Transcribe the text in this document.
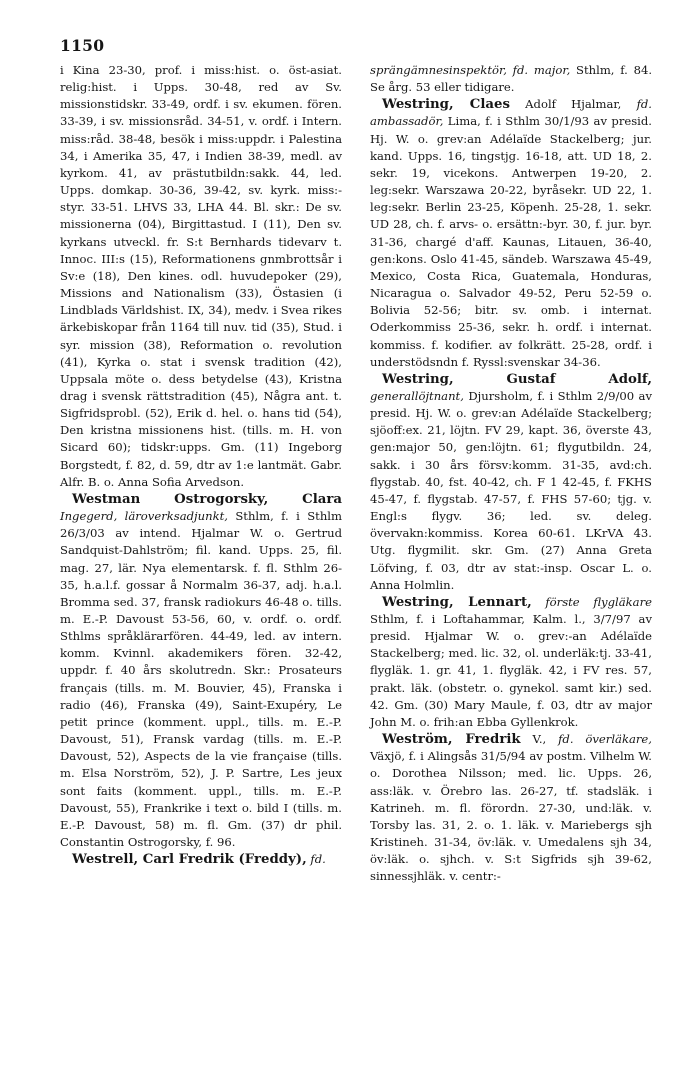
1150
i Kina 23-30, prof. i miss:hist. o. öst-asiat. relig:hist. i Upps. 30-48, red av Sv. missionstidskr. 33-49, ordf. i sv. ekumen. fören. 33-39, i sv. missionsråd. 34-51, v. ordf. i Intern. miss:råd. 38-48, besök i miss:uppdr. i Palestina 34, i Amerika 35, 47, i Indien 38-39, medl. av kyrkom. 41, av prästutbildn:sakk. 44, led. Upps. domkap. 30-36, 39-42, sv. kyrk. miss:-styr. 33-51. LHVS 33, LHA 44. Bl. skr.: De sv. missionerna (04), Birgittastud. I (11), Den sv. kyrkans utveckl. fr. S:t Bernhards tidevarv t. Innoc. III:s (15), Reformationens gnmbrottsår i Sv:e (18), Den kines. odl. huvudepoker (29), Missions and Nationalism (33), Östasien (i Lindblads Världshist. IX, 34), medv. i Svea rikes ärkebiskopar från 1164 till nuv. tid (35), Stud. i syr. mission (38), Reformation o. revolution (41), Kyrka o. stat i svensk tradition (42), Uppsala möte o. dess betydelse (43), Kristna drag i svensk rättstradition (45), Några ant. t. Sigfridsprobl. (52), Erik d. hel. o. hans tid (54), Den kristna missionens hist. (tills. m. H. von Sicard 60); tidskr:upps. Gm. (11) Ingeborg Borgstedt, f. 82, d. 59, dtr av 1:e lantmät. Gabr. Alfr. B. o. Anna Sofia Arvedson.
Westman Ostrogorsky, Clara Ingegerd, läroverksadjunkt, Sthlm, f. i Sthlm 26/3/03 av intend. Hjalmar W. o. Gertrud Sandquist-Dahlström; fil. kand. Upps. 25, fil. mag. 27, lär. Nya elementarsk. f. fl. Sthlm 26-35, h.a.l.f. gossar å Normalm 36-37, adj. h.a.l. Bromma sed. 37, fransk radiokurs 46-48 o. tills. m. E.-P. Davoust 53-56, 60, v. ordf. o. ordf. Sthlms språklärarfören. 44-49, led. av intern. komm. Kvinnl. akademikers fören. 32-42, uppdr. f. 40 års skolutredn. Skr.: Prosateurs français (tills. m. M. Bouvier, 45), Franska i radio (46), Franska (49), Saint-Exupéry, Le petit prince (komment. uppl., tills. m. E.-P. Davoust, 51), Fransk vardag (tills. m. E.-P. Davoust, 52), Aspects de la vie française (tills. m. Elsa Norström, 52), J. P. Sartre, Les jeux sont faits (komment. uppl., tills. m. E.-P. Davoust, 55), Frankrike i text o. bild I (tills. m. E.-P. Davoust, 58) m. fl. Gm. (37) dr phil. Constantin Ostrogorsky, f. 96.
Westrell, Carl Fredrik (Freddy), fd.
sprängämnesinspektör, fd. major, Sthlm, f. 84. Se årg. 53 eller tidigare.
Westring, Claes Adolf Hjalmar, fd. ambassadör, Lima, f. i Sthlm 30/1/93 av presid. Hj. W. o. grev:an Adélaïde Stackelberg; jur. kand. Upps. 16, tingstjg. 16-18, att. UD 18, 2. sekr. 19, vicekons. Antwerpen 19-20, 2. leg:sekr. Warszawa 20-22, byråsekr. UD 22, 1. leg:sekr. Berlin 23-25, Köpenh. 25-28, 1. sekr. UD 28, ch. f. arvs- o. ersättn:-byr. 30, f. jur. byr. 31-36, chargé d'aff. Kaunas, Litauen, 36-40, gen:kons. Oslo 41-45, sändeb. Warszawa 45-49, Mexico, Costa Rica, Guatemala, Honduras, Nicaragua o. Salvador 49-52, Peru 52-59 o. Bolivia 52-56; bitr. sv. omb. i internat. Oderkommiss 25-36, sekr. h. ordf. i internat. kommiss. f. kodifier. av folkrätt. 25-28, ordf. i understödsndn f. Ryssl:svenskar 34-36.
Westring, Gustaf Adolf, generallöjtnant, Djursholm, f. i Sthlm 2/9/00 av presid. Hj. W. o. grev:an Adélaïde Stackelberg; sjöoff:ex. 21, löjtn. FV 29, kapt. 36, överste 43, gen:major 50, gen:löjtn. 61; flygutbildn. 24, sakk. i 30 års försv:komm. 31-35, avd:ch. flygstab. 40, fst. 40-42, ch. F 1 42-45, f. FKHS 45-47, f. flygstab. 47-57, f. FHS 57-60; tjg. v. Engl:s flygv. 36; led. sv. deleg. övervakn:kommiss. Korea 60-61. LKrVA 43. Utg. flygmilit. skr. Gm. (27) Anna Greta Löfving, f. 03, dtr av stat:-insp. Oscar L. o. Anna Holmlin.
Westring, Lennart, förste flygläkare Sthlm, f. i Loftahammar, Kalm. l., 3/7/97 av presid. Hjalmar W. o. grev:-an Adélaïde Stackelberg; med. lic. 32, ol. underläk:tj. 33-41, flygläk. 1. gr. 41, 1. flygläk. 42, i FV res. 57, prakt. läk. (obstetr. o. gynekol. samt kir.) sed. 42. Gm. (30) Mary Maule, f. 03, dtr av major John M. o. frih:an Ebba Gyllenkrok.
Weström, Fredrik V., fd. överläkare, Växjö, f. i Alingsås 31/5/94 av postm. Vilhelm W. o. Dorothea Nilsson; med. lic. Upps. 26, ass:läk. v. Örebro las. 26-27, tf. stadsläk. i Katrineh. m. fl. förordn. 27-30, und:läk. v. Torsby las. 31, 2. o. 1. läk. v. Mariebergs sjh Kristineh. 31-34, öv:läk. v. Umedalens sjh 34, öv:läk. o. sjhch. v. S:t Sigfrids sjh 39-62, sinnessjhläk. v. centr:-
